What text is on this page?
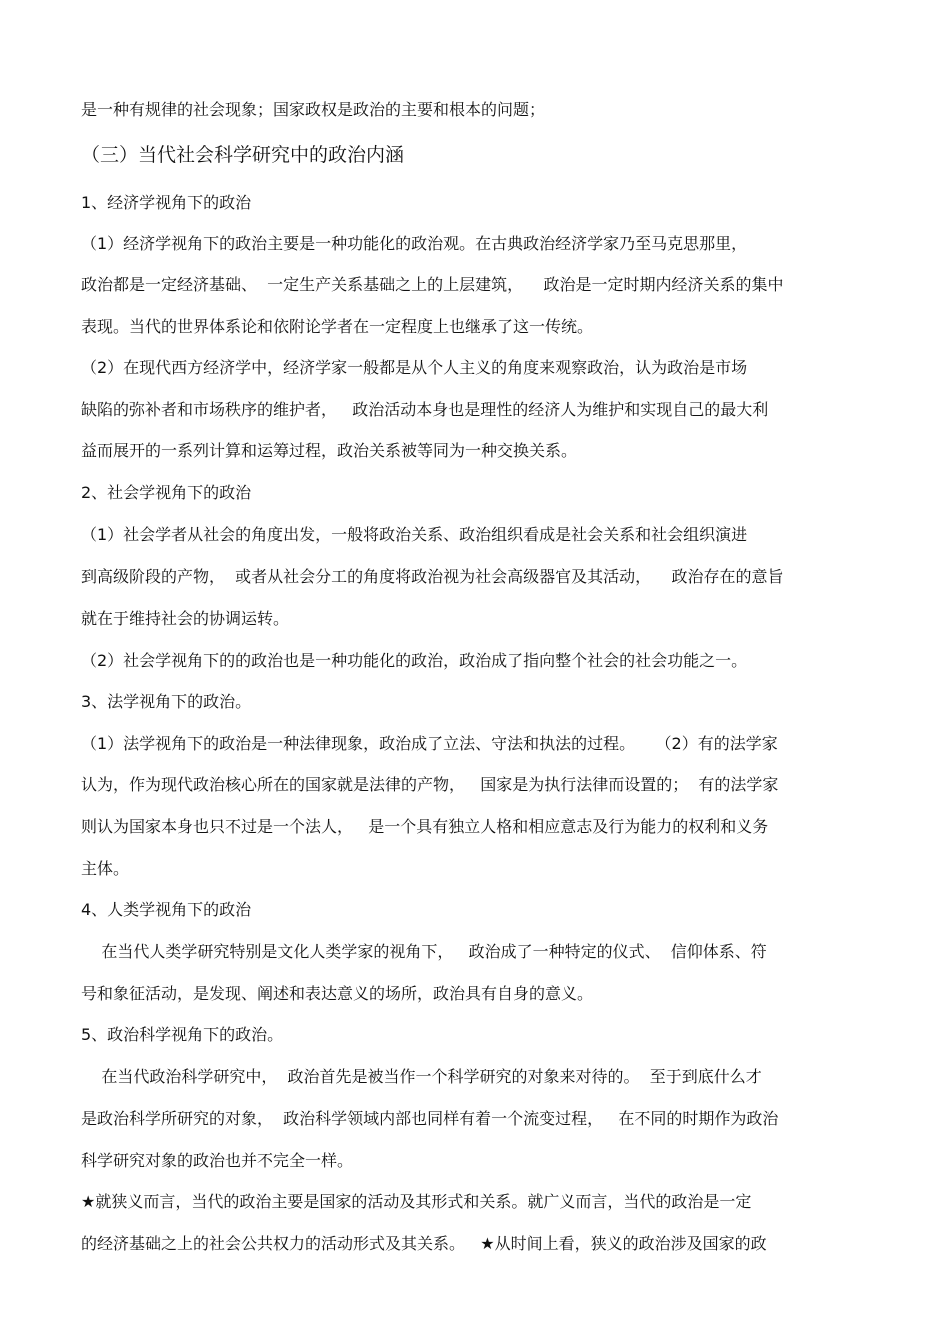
是一种有规律的社会现象；国家政权是政治的主要和根本的问题；

（三）当代社会科学研究中的政治内涵

1、经济学视角下的政治

（1）经济学视角下的政治主要是一种功能化的政治观。在古典政治经济学家乃至马克思那里，

政治都是一定经济基础、  一定生产关系基础之上的上层建筑，    政治是一定时期内经济关系的集中

表现。当代的世界体系论和依附论学者在一定程度上也继承了这一传统。

（2）在现代西方经济学中，经济学家一般都是从个人主义的角度来观察政治，认为政治是市场

缺陷的弥补者和市场秩序的维护者，   政治活动本身也是理性的经济人为维护和实现自己的最大利

益而展开的一系列计算和运筹过程，政治关系被等同为一种交换关系。

2、社会学视角下的政治

（1）社会学者从社会的角度出发，一般将政治关系、政治组织看成是社会关系和社会组织演进

到高级阶段的产物，  或者从社会分工的角度将政治视为社会高级器官及其活动，    政治存在的意旨

就在于维持社会的协调运转。

（2）社会学视角下的的政治也是一种功能化的政治，政治成了指向整个社会的社会功能之一。

3、法学视角下的政治。

（1）法学视角下的政治是一种法律现象，政治成了立法、守法和执法的过程。    （2）有的法学家

认为，作为现代政治核心所在的国家就是法律的产物，   国家是为执行法律而设置的；  有的法学家

则认为国家本身也只不过是一个法人，   是一个具有独立人格和相应意志及行为能力的权利和义务

主体。

4、人类学视角下的政治

在当代人类学研究特别是文化人类学家的视角下，   政治成了一种特定的仪式、  信仰体系、符

号和象征活动，是发现、阐述和表达意义的场所，政治具有自身的意义。

5、政治科学视角下的政治。

在当代政治科学研究中，  政治首先是被当作一个科学研究的对象来对待的。  至于到底什么才

是政治科学所研究的对象，  政治科学领域内部也同样有着一个流变过程，   在不同的时期作为政治

科学研究对象的政治也并不完全一样。

★就狭义而言，当代的政治主要是国家的活动及其形式和关系。就广义而言，当代的政治是一定

的经济基础之上的社会公共权力的活动形式及其关系。   ★从时间上看，狭义的政治涉及国家的政
